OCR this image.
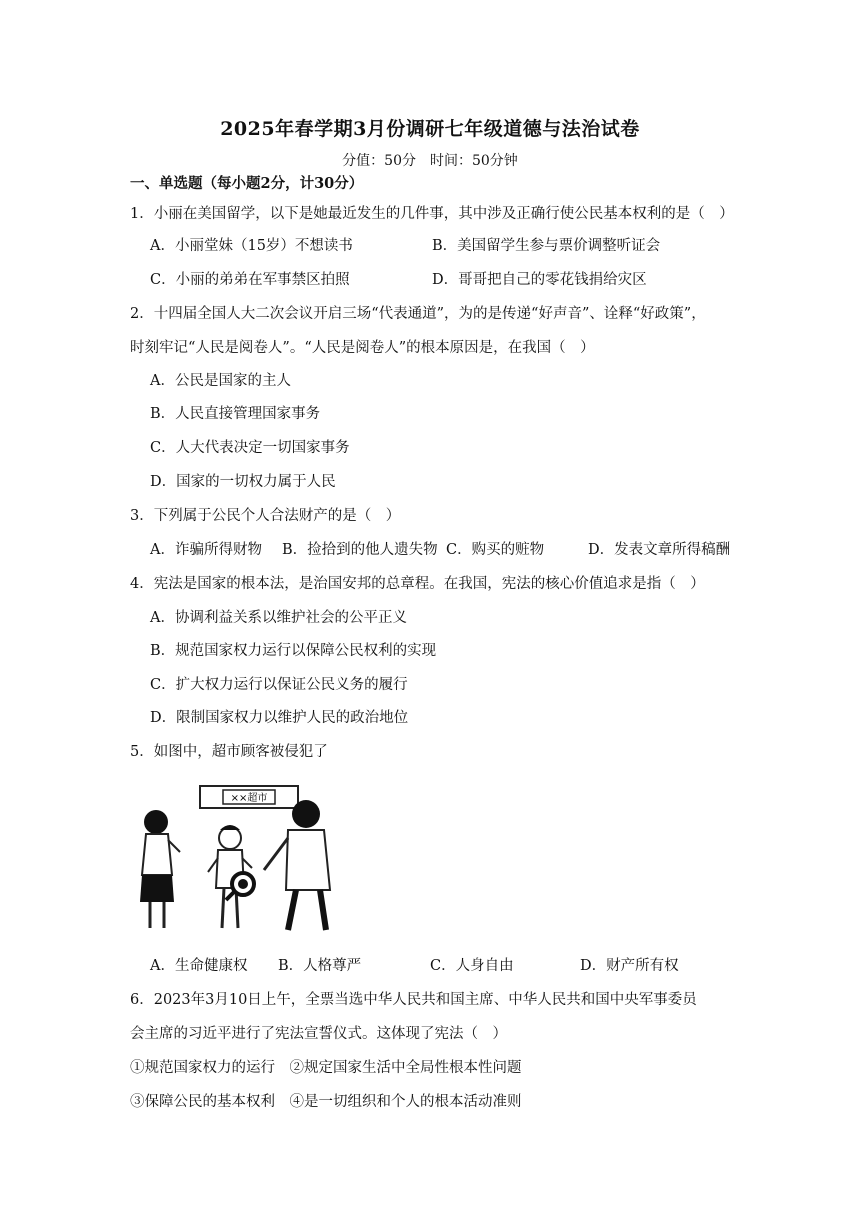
2025年春学期3月份调研七年级道德与法治试卷
分值：50分　时间：50分钟
一、单选题（每小题2分，计30分）
1．小丽在美国留学，以下是她最近发生的几件事，其中涉及正确行使公民基本权利的是（　）
A．小丽堂妹（15岁）不想读书	B．美国留学生参与票价调整听证会
C．小丽的弟弟在军事禁区拍照	D．哥哥把自己的零花钱捐给灾区
2．十四届全国人大二次会议开启三场“代表通道”，为的是传递“好声音”、诠释“好政策”，
时刻牢记“人民是阅卷人”。“人民是阅卷人”的根本原因是，在我国（　）
A．公民是国家的主人
B．人民直接管理国家事务
C．人大代表决定一切国家事务
D．国家的一切权力属于人民
3．下列属于公民个人合法财产的是（　）
A．诈骗所得财物 B．捡拾到的他人遗失物 C．购买的赃物	D．发表文章所得稿酬
4．宪法是国家的根本法，是治国安邦的总章程。在我国，宪法的核心价值追求是指（　）
A．协调利益关系以维护社会的公平正义
B．规范国家权力运行以保障公民权利的实现
C．扩大权力运行以保证公民义务的履行
D．限制国家权力以维护人民的政治地位
5．如图中，超市顾客被侵犯了
××超市
A．生命健康权 B．人格尊严	C．人身自由	D．财产所有权
6．2023年3月10日上午，全票当选中华人民共和国主席、中华人民共和国中央军事委员
会主席的习近平进行了宪法宣誓仪式。这体现了宪法（　）
①规范国家权力的运行　②规定国家生活中全局性根本性问题
③保障公民的基本权利　④是一切组织和个人的根本活动准则
